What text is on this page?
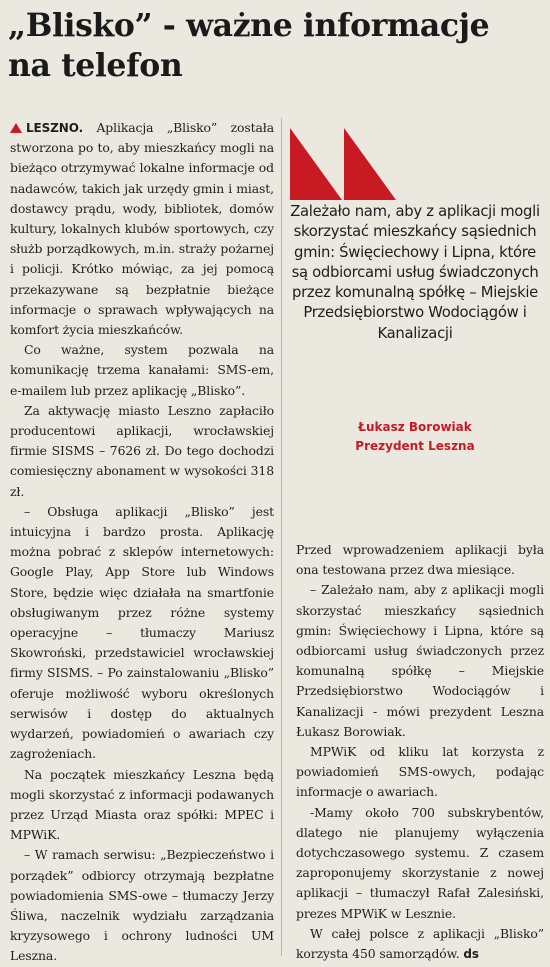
„Blisko” - ważne informacje na telefon

LESZNO. Aplikacja „Blisko” została stworzona po to, aby mieszkańcy mogli na bieżąco otrzymywać lokalne informacje od nadawców, takich jak urzędy gmin i miast, dostawcy prądu, wody, bibliotek, domów kultury, lokalnych klubów sportowych, czy służb porządkowych, m.in. straży pożarnej i policji. Krótko mówiąc, za jej pomocą przekazywane są bezpłatnie bieżące informacje o sprawach wpływających na komfort życia mieszkańców.

Co ważne, system pozwala na komunikację trzema kanałami: SMS-em, e-mailem lub przez aplikację „Blisko”.

Za aktywację miasto Leszno zapłaciło producentowi aplikacji, wrocławskiej firmie SISMS – 7626 zł. Do tego dochodzi comiesięczny abonament w wysokości 318 zł.

– Obsługa aplikacji „Blisko” jest intuicyjna i bardzo prosta. Aplikację można pobrać z sklepów internetowych: Google Play, App Store lub Windows Store, będzie więc działała na smartfonie obsługiwanym przez różne systemy operacyjne – tłumaczy Mariusz Skowroński, przedstawiciel wrocławskiej firmy SISMS. – Po zainstalowaniu „Blisko” oferuje możliwość wyboru określonych serwisów i dostęp do aktualnych wydarzeń, powiadomień o awariach czy zagrożeniach.

Na początek mieszkańcy Leszna będą mogli skorzystać z informacji podawanych przez Urząd Miasta oraz spółki: MPEC i MPWiK.

– W ramach serwisu: „Bezpieczeństwo i porządek” odbiorcy otrzymają bezpłatne powiadomienia SMS-owe – tłumaczy Jerzy Śliwa, naczelnik wydziału zarządzania kryzysowego i ochrony ludności UM Leszna.

Zależało nam, aby z aplikacji mogli skorzystać mieszkańcy sąsiednich gmin: Święciechowy i Lipna, które są odbiorcami usług świadczonych przez komunalną spółkę – Miejskie Przedsiębiorstwo Wodociągów i Kanalizacji

Łukasz Borowiak
Prezydent Leszna

Przed wprowadzeniem aplikacji była ona testowana przez dwa miesiące.

– Zależało nam, aby z aplikacji mogli skorzystać mieszkańcy sąsiednich gmin: Święciechowy i Lipna, które są odbiorcami usług świadczonych przez komunalną spółkę – Miejskie Przedsiębiorstwo Wodociągów i Kanalizacji - mówi prezydent Leszna Łukasz Borowiak.

MPWiK od kliku lat korzysta z powiadomień SMS-owych, podając informacje o awariach.

-Mamy około 700 subskrybentów, dlatego nie planujemy wyłączenia dotychczasowego systemu. Z czasem zaproponujemy skorzystanie z nowej aplikacji – tłumaczył Rafał Zalesiński, prezes MPWiK w Lesznie.

W całej polsce z aplikacji „Blisko” korzysta 450 samorządów. ds
